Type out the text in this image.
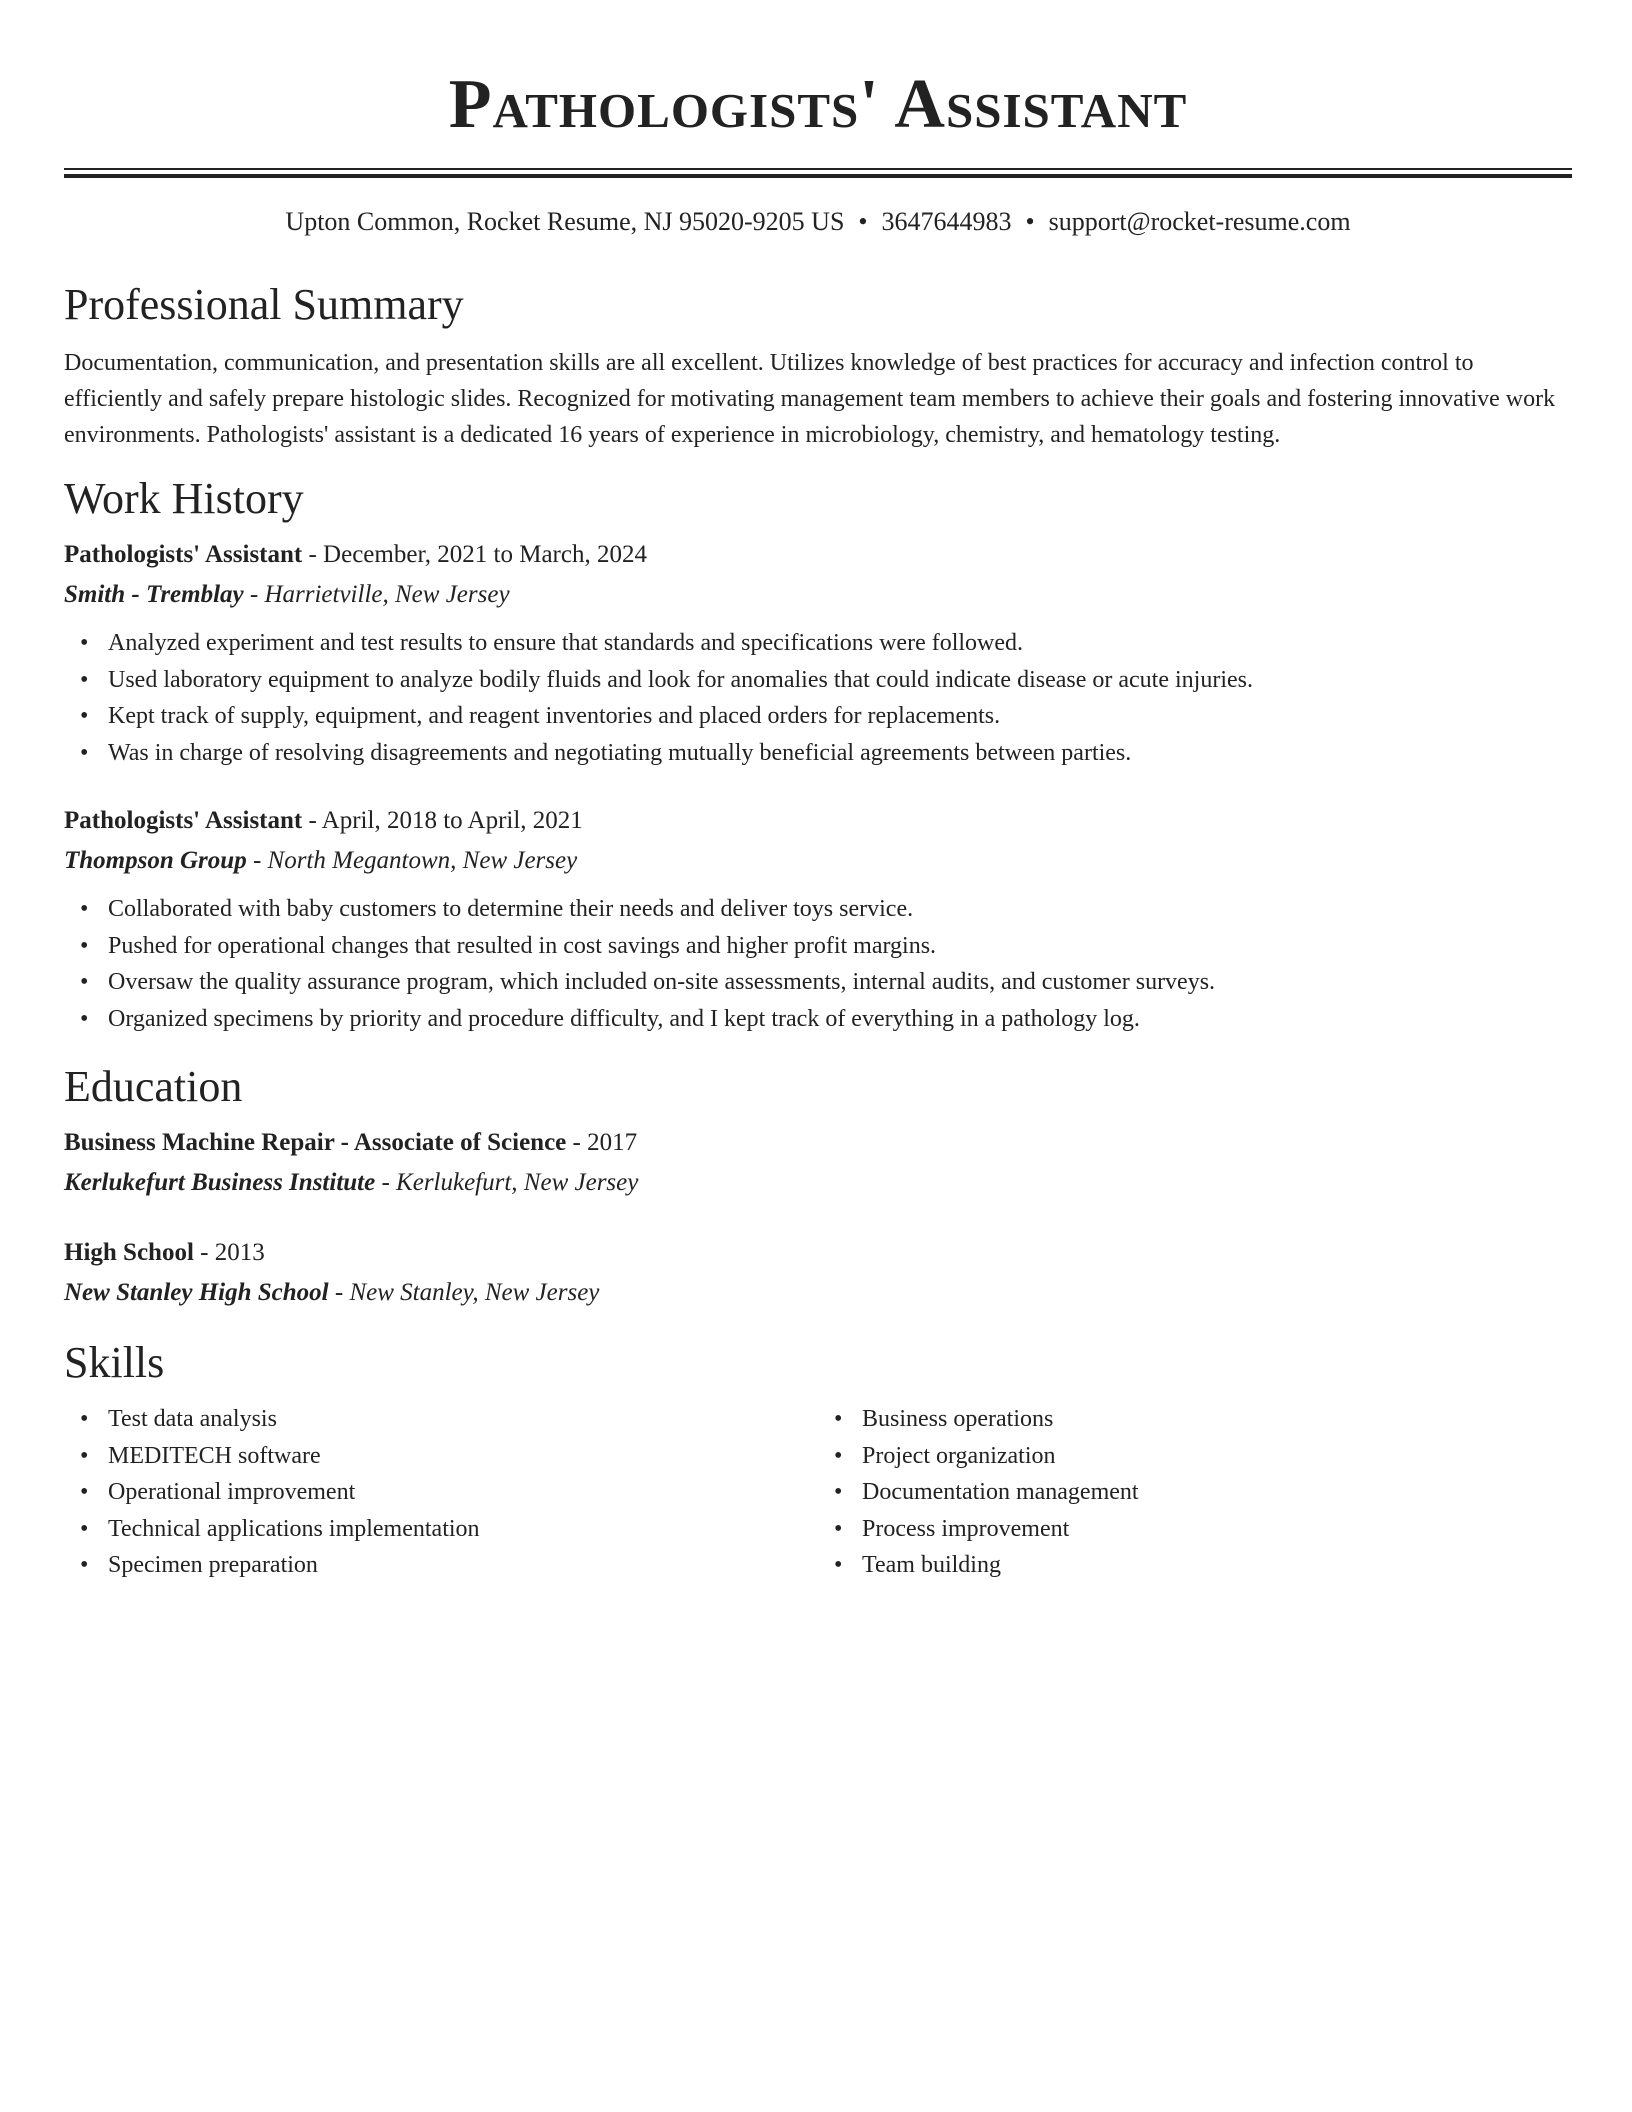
Pathologists' Assistant
Upton Common, Rocket Resume, NJ 95020-9205 US • 3647644983 • support@rocket-resume.com
Professional Summary

Documentation, communication, and presentation skills are all excellent. Utilizes knowledge of best practices for accuracy and infection control to efficiently and safely prepare histologic slides. Recognized for motivating management team members to achieve their goals and fostering innovative work environments. Pathologists' assistant is a dedicated 16 years of experience in microbiology, chemistry, and hematology testing.

Work History
Pathologists' Assistant - December, 2021 to March, 2024
Smith - Tremblay - Harrietville, New Jersey
• Analyzed experiment and test results to ensure that standards and specifications were followed.
• Used laboratory equipment to analyze bodily fluids and look for anomalies that could indicate disease or acute injuries.
• Kept track of supply, equipment, and reagent inventories and placed orders for replacements.
• Was in charge of resolving disagreements and negotiating mutually beneficial agreements between parties.
Pathologists' Assistant - April, 2018 to April, 2021
Thompson Group - North Megantown, New Jersey
• Collaborated with baby customers to determine their needs and deliver toys service.
• Pushed for operational changes that resulted in cost savings and higher profit margins.
• Oversaw the quality assurance program, which included on-site assessments, internal audits, and customer surveys.
• Organized specimens by priority and procedure difficulty, and I kept track of everything in a pathology log.
Education
Business Machine Repair - Associate of Science - 2017
Kerlukefurt Business Institute - Kerlukefurt, New Jersey
High School - 2013
New Stanley High School - New Stanley, New Jersey
Skills
• Test data analysis
• MEDITECH software
• Operational improvement
• Technical applications implementation
• Specimen preparation
• Business operations
• Project organization
• Documentation management
• Process improvement
• Team building
